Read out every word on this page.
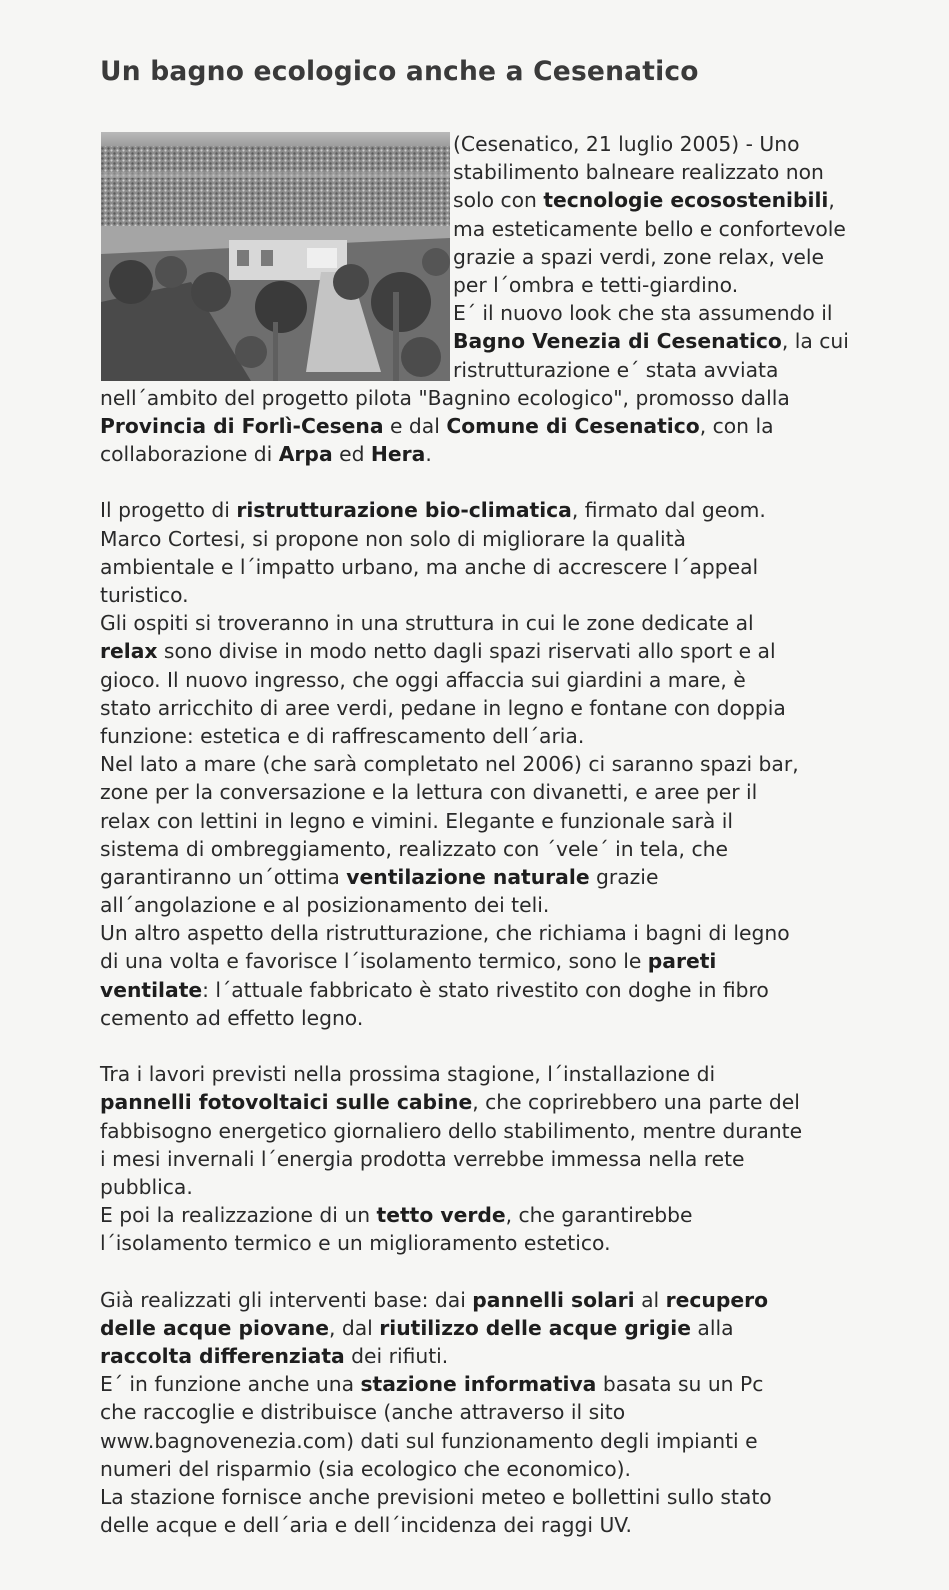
Un bagno ecologico anche a Cesenatico
(Cesenatico, 21 luglio 2005) - Uno
stabilimento balneare realizzato non
solo con tecnologie ecosostenibili,
ma esteticamente bello e confortevole
grazie a spazi verdi, zone relax, vele
per l´ombra e tetti-giardino.
E´ il nuovo look che sta assumendo il
Bagno Venezia di Cesenatico, la cui
ristrutturazione e´ stata avviata
nell´ambito del progetto pilota "Bagnino ecologico", promosso dalla
Provincia di Forlì-Cesena e dal Comune di Cesenatico, con la
collaborazione di Arpa ed Hera.
Il progetto di ristrutturazione bio-climatica, firmato dal geom.
Marco Cortesi, si propone non solo di migliorare la qualità
ambientale e l´impatto urbano, ma anche di accrescere l´appeal
turistico.
Gli ospiti si troveranno in una struttura in cui le zone dedicate al
relax sono divise in modo netto dagli spazi riservati allo sport e al
gioco. Il nuovo ingresso, che oggi affaccia sui giardini a mare, è
stato arricchito di aree verdi, pedane in legno e fontane con doppia
funzione: estetica e di raffrescamento dell´aria.
Nel lato a mare (che sarà completato nel 2006) ci saranno spazi bar,
zone per la conversazione e la lettura con divanetti, e aree per il
relax con lettini in legno e vimini. Elegante e funzionale sarà il
sistema di ombreggiamento, realizzato con ´vele´ in tela, che
garantiranno un´ottima ventilazione naturale grazie
all´angolazione e al posizionamento dei teli.
Un altro aspetto della ristrutturazione, che richiama i bagni di legno
di una volta e favorisce l´isolamento termico, sono le pareti
ventilate: l´attuale fabbricato è stato rivestito con doghe in fibro
cemento ad effetto legno.
Tra i lavori previsti nella prossima stagione, l´installazione di
pannelli fotovoltaici sulle cabine, che coprirebbero una parte del
fabbisogno energetico giornaliero dello stabilimento, mentre durante
i mesi invernali l´energia prodotta verrebbe immessa nella rete
pubblica.
E poi la realizzazione di un tetto verde, che garantirebbe
l´isolamento termico e un miglioramento estetico.
Già realizzati gli interventi base: dai pannelli solari al recupero
delle acque piovane, dal riutilizzo delle acque grigie alla
raccolta differenziata dei rifiuti.
E´ in funzione anche una stazione informativa basata su un Pc
che raccoglie e distribuisce (anche attraverso il sito
www.bagnovenezia.com) dati sul funzionamento degli impianti e
numeri del risparmio (sia ecologico che economico).
La stazione fornisce anche previsioni meteo e bollettini sullo stato
delle acque e dell´aria e dell´incidenza dei raggi UV.
